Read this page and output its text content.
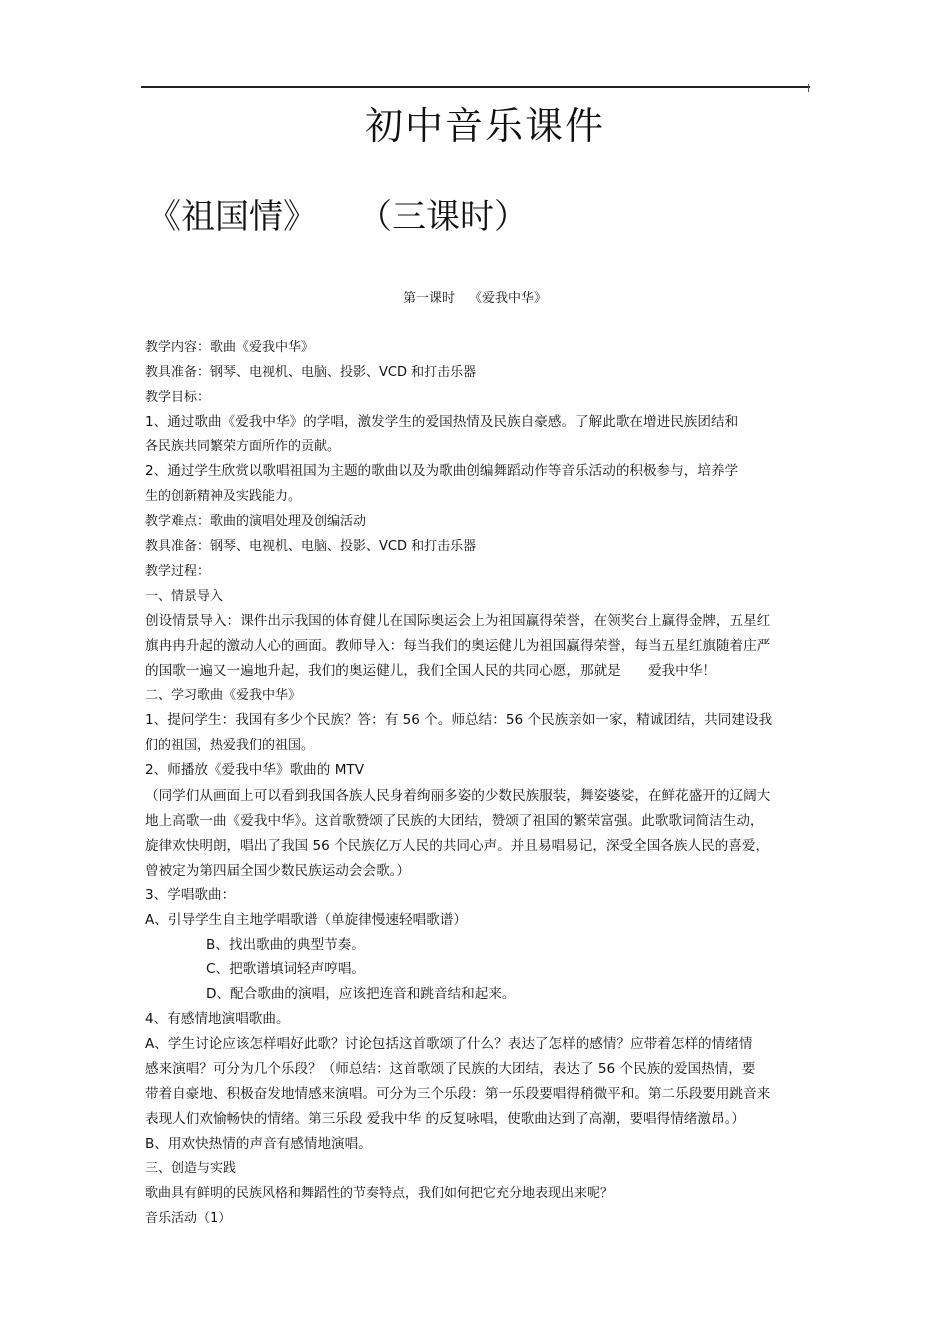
初中音乐课件
《祖国情》 （三课时）
第一课时 《爱我中华》
教学内容：歌曲《爱我中华》
教具准备：钢琴、电视机、电脑、投影、VCD 和打击乐器
教学目标：
1、通过歌曲《爱我中华》的学唱，激发学生的爱国热情及民族自豪感。了解此歌在增进民族团结和
各民族共同繁荣方面所作的贡献。
2、通过学生欣赏以歌唱祖国为主题的歌曲以及为歌曲创编舞蹈动作等音乐活动的积极参与，培养学
生的创新精神及实践能力。
教学难点：歌曲的演唱处理及创编活动
教具准备：钢琴、电视机、电脑、投影、VCD 和打击乐器
教学过程：
一、情景导入
创设情景导入：课件出示我国的体育健儿在国际奥运会上为祖国赢得荣誉，在领奖台上赢得金牌，五星红
旗冉冉升起的激动人心的画面。教师导入：每当我们的奥运健儿为祖国赢得荣誉，每当五星红旗随着庄严
的国歌一遍又一遍地升起，我们的奥运健儿，我们全国人民的共同心愿，那就是　　爱我中华！
二、学习歌曲《爱我中华》
1、提问学生：我国有多少个民族？答：有 56 个。师总结：56 个民族亲如一家，精诚团结，共同建设我
们的祖国，热爱我们的祖国。
2、师播放《爱我中华》歌曲的 MTV
（同学们从画面上可以看到我国各族人民身着绚丽多姿的少数民族服装，舞姿婆娑，在鲜花盛开的辽阔大
地上高歌一曲《爱我中华》。这首歌赞颂了民族的大团结，赞颂了祖国的繁荣富强。此歌歌词简洁生动，
旋律欢快明朗，唱出了我国 56 个民族亿万人民的共同心声。并且易唱易记，深受全国各族人民的喜爱，
曾被定为第四届全国少数民族运动会会歌。）
3、学唱歌曲：
A、引导学生自主地学唱歌谱（单旋律慢速轻唱歌谱）
B、找出歌曲的典型节奏。
C、把歌谱填词轻声哼唱。
D、配合歌曲的演唱，应该把连音和跳音结和起来。
4、有感情地演唱歌曲。
A、学生讨论应该怎样唱好此歌？讨论包括这首歌颂了什么？表达了怎样的感情？应带着怎样的情绪情
感来演唱？可分为几个乐段？（师总结：这首歌颂了民族的大团结，表达了 56 个民族的爱国热情，要
带着自豪地、积极奋发地情感来演唱。可分为三个乐段：第一乐段要唱得稍微平和。第二乐段要用跳音来
表现人们欢愉畅快的情绪。第三乐段 爱我中华 的反复咏唱，使歌曲达到了高潮，要唱得情绪激昂。）
B、用欢快热情的声音有感情地演唱。
三、创造与实践
歌曲具有鲜明的民族风格和舞蹈性的节奏特点，我们如何把它充分地表现出来呢？
音乐活动（1）
